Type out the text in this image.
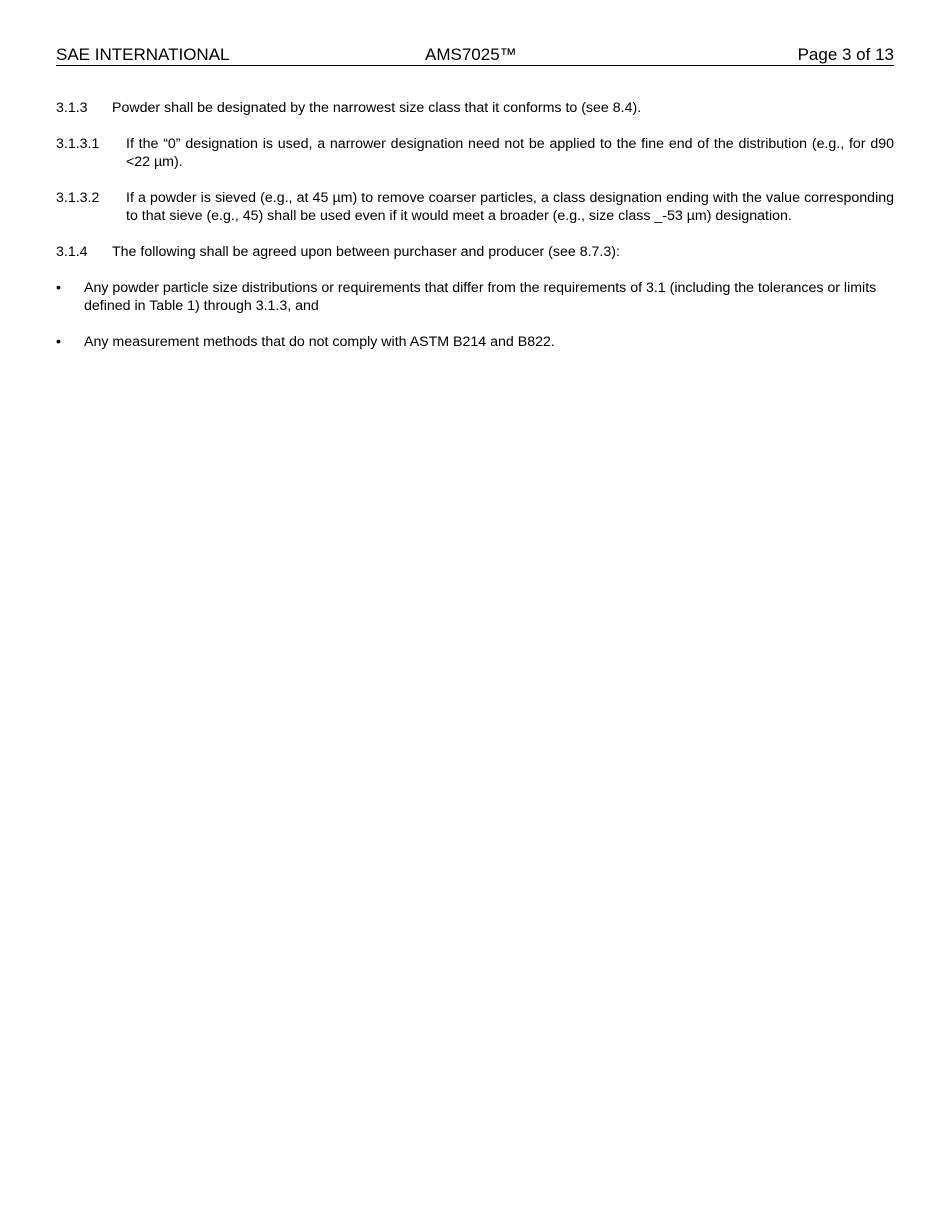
SAE INTERNATIONAL	AMS7025™	Page 3 of 13
3.1.3	Powder shall be designated by the narrowest size class that it conforms to (see 8.4).
3.1.3.1	If the “0” designation is used, a narrower designation need not be applied to the fine end of the distribution (e.g., for d90 <22 µm).
3.1.3.2	If a powder is sieved (e.g., at 45 µm) to remove coarser particles, a class designation ending with the value corresponding to that sieve (e.g., 45) shall be used even if it would meet a broader (e.g., size class _-53 µm) designation.
3.1.4	The following shall be agreed upon between purchaser and producer (see 8.7.3):
•	Any powder particle size distributions or requirements that differ from the requirements of 3.1 (including the tolerances or limits defined in Table 1) through 3.1.3, and
•	Any measurement methods that do not comply with ASTM B214 and B822.
